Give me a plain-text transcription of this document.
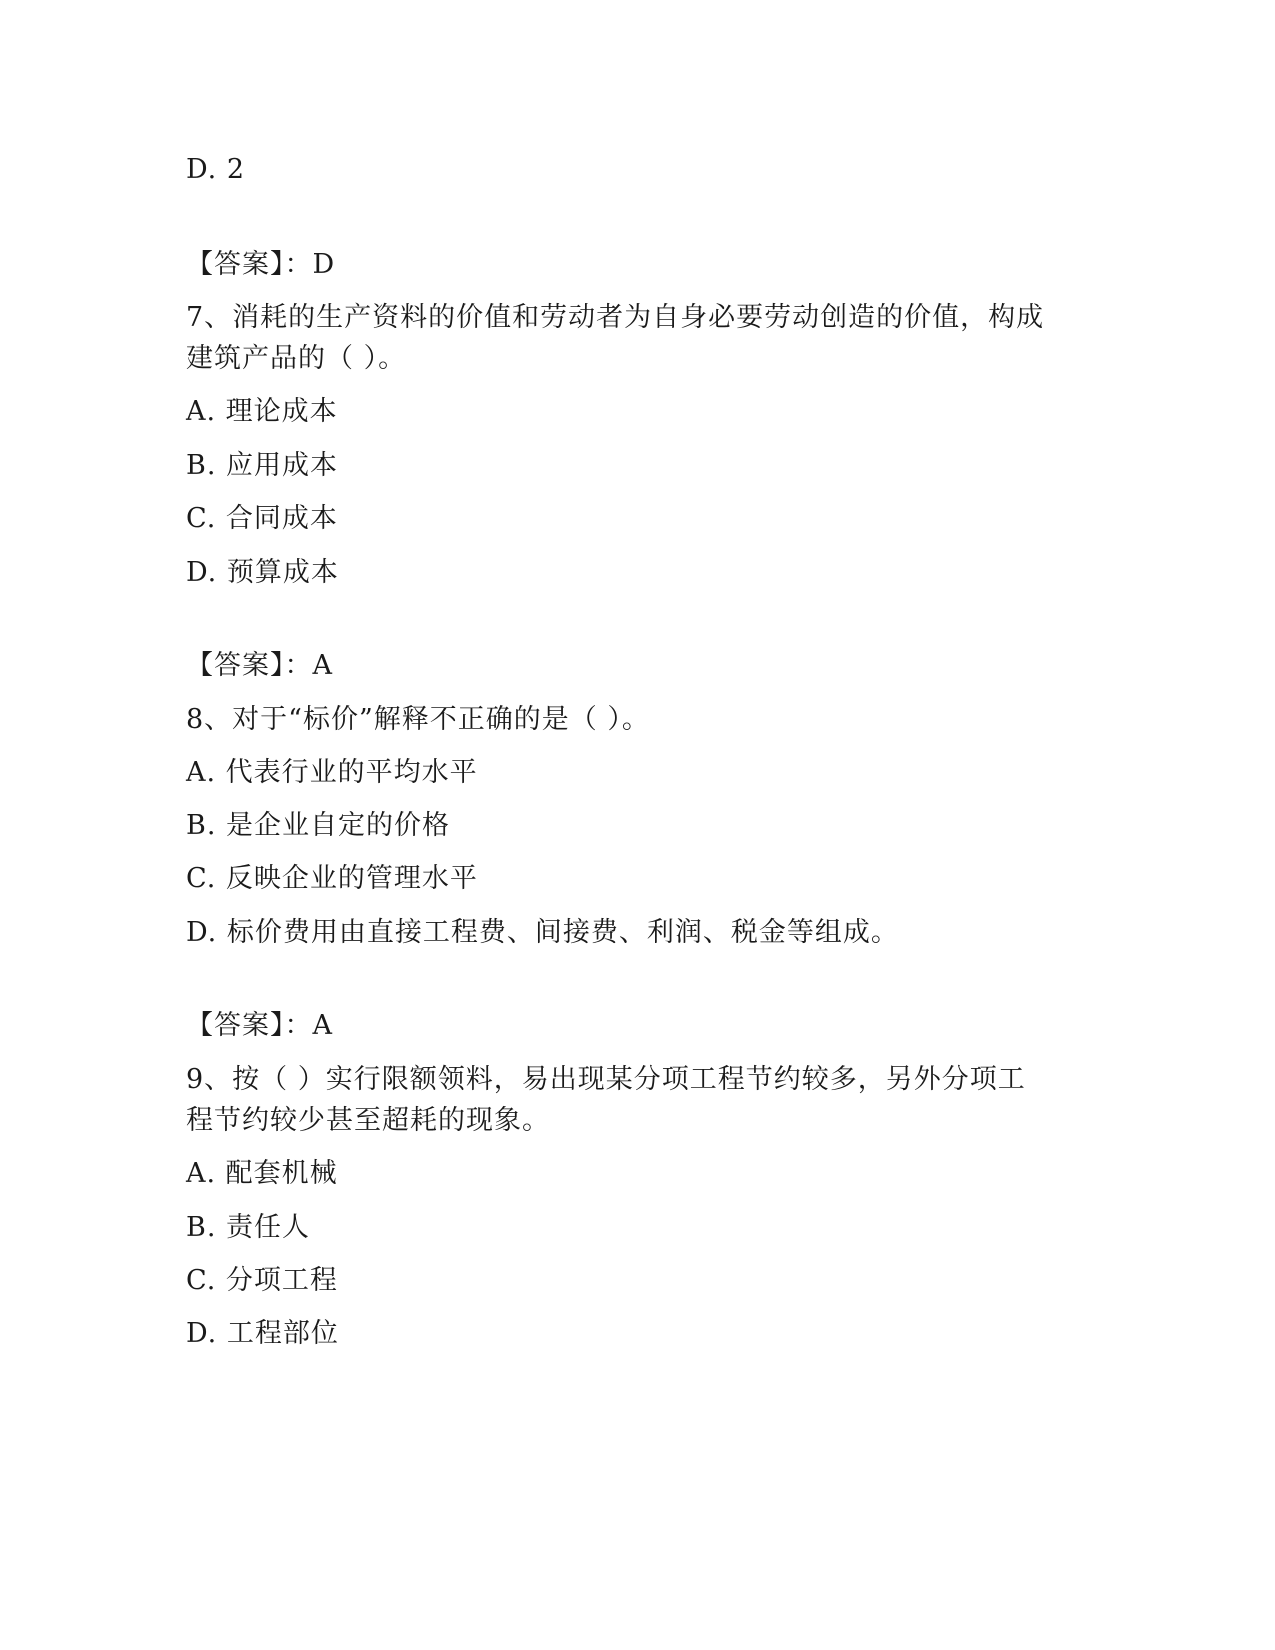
D. 2
【答案】：D
7、消耗的生产资料的价值和劳动者为自身必要劳动创造的价值，构成
建筑产品的（ ）。
A. 理论成本
B. 应用成本
C. 合同成本
D. 预算成本
【答案】：A
8、对于“标价”解释不正确的是（ ）。
A. 代表行业的平均水平
B. 是企业自定的价格
C. 反映企业的管理水平
D. 标价费用由直接工程费、间接费、利润、税金等组成。
【答案】：A
9、按（ ）实行限额领料，易出现某分项工程节约较多，另外分项工
程节约较少甚至超耗的现象。
A. 配套机械
B. 责任人
C. 分项工程
D. 工程部位
